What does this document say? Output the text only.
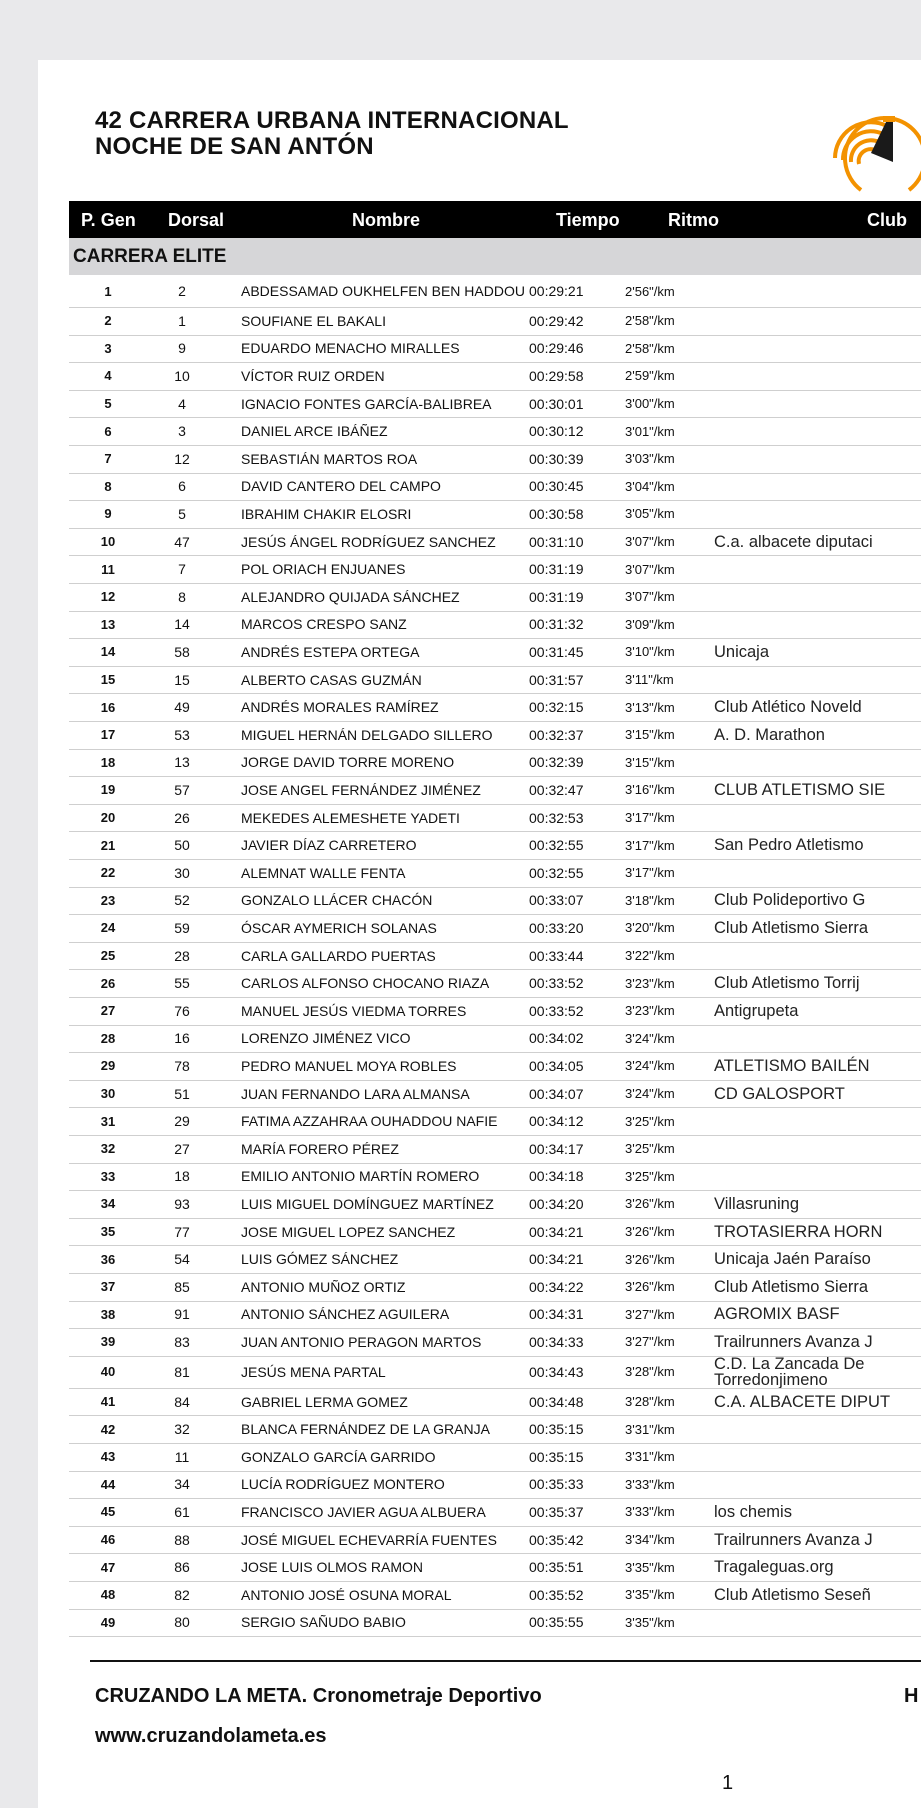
42 CARRERA URBANA INTERNACIONAL
NOCHE DE SAN ANTÓN
P. Gen Dorsal	Nombre	Tiempo	Ritmo	Club
CARRERA ELITE
1	2	ABDESSAMAD OUKHELFEN BEN HADDOU 00:29:21	2'56"/km
2	1	SOUFIANE EL BAKALI	00:29:42	2'58"/km
3	9	EDUARDO MENACHO MIRALLES	00:29:46	2'58"/km
4	10	VÍCTOR RUIZ ORDEN	00:29:58	2'59"/km
5	4	IGNACIO FONTES GARCÍA-BALIBREA	00:30:01	3'00"/km
6	3	DANIEL ARCE IBÁÑEZ	00:30:12	3'01"/km
7	12	SEBASTIÁN MARTOS ROA	00:30:39	3'03"/km
8	6	DAVID CANTERO DEL CAMPO	00:30:45	3'04"/km
9	5	IBRAHIM CHAKIR ELOSRI	00:30:58	3'05"/km
10	47	JESÚS ÁNGEL RODRÍGUEZ SANCHEZ	00:31:10	3'07"/km	C.a. albacete diputaci
11	7	POL ORIACH ENJUANES	00:31:19	3'07"/km
12	8	ALEJANDRO QUIJADA SÁNCHEZ	00:31:19	3'07"/km
13	14	MARCOS CRESPO SANZ	00:31:32	3'09"/km
14	58	ANDRÉS ESTEPA ORTEGA	00:31:45	3'10"/km	Unicaja
15	15	ALBERTO CASAS GUZMÁN	00:31:57	3'11"/km
16	49	ANDRÉS MORALES RAMÍREZ	00:32:15	3'13"/km	Club Atlético Noveld
17	53	MIGUEL HERNÁN DELGADO SILLERO	00:32:37	3'15"/km	A. D. Marathon
18	13	JORGE DAVID TORRE MORENO	00:32:39	3'15"/km
19	57	JOSE ANGEL FERNÁNDEZ JIMÉNEZ	00:32:47	3'16"/km	CLUB ATLETISMO SIE
20	26	MEKEDES ALEMESHETE YADETI	00:32:53	3'17"/km
21	50	JAVIER DÍAZ CARRETERO	00:32:55	3'17"/km	San Pedro Atletismo
22	30	ALEMNAT WALLE FENTA	00:32:55	3'17"/km
23	52	GONZALO LLÁCER CHACÓN	00:33:07	3'18"/km	Club Polideportivo G
24	59	ÓSCAR AYMERICH SOLANAS	00:33:20	3'20"/km	Club Atletismo Sierra
25	28	CARLA GALLARDO PUERTAS	00:33:44	3'22"/km
26	55	CARLOS ALFONSO CHOCANO RIAZA	00:33:52	3'23"/km	Club Atletismo Torrij
27	76	MANUEL JESÚS VIEDMA TORRES	00:33:52	3'23"/km	Antigrupeta
28	16	LORENZO JIMÉNEZ VICO	00:34:02	3'24"/km
29	78	PEDRO MANUEL MOYA ROBLES	00:34:05	3'24"/km	ATLETISMO BAILÉN
30	51	JUAN FERNANDO LARA ALMANSA	00:34:07	3'24"/km	CD GALOSPORT
31	29	FATIMA AZZAHRAA OUHADDOU NAFIE	00:34:12	3'25"/km
32	27	MARÍA FORERO PÉREZ	00:34:17	3'25"/km
33	18	EMILIO ANTONIO MARTÍN ROMERO	00:34:18	3'25"/km
34	93	LUIS MIGUEL DOMÍNGUEZ MARTÍNEZ	00:34:20	3'26"/km	Villasruning
35	77	JOSE MIGUEL LOPEZ SANCHEZ	00:34:21	3'26"/km	TROTASIERRA HORN
36	54	LUIS GÓMEZ SÁNCHEZ	00:34:21	3'26"/km	Unicaja Jaén Paraíso
37	85	ANTONIO MUÑOZ ORTIZ	00:34:22	3'26"/km	Club Atletismo Sierra
38	91	ANTONIO SÁNCHEZ AGUILERA	00:34:31	3'27"/km	AGROMIX BASF
39	83	JUAN ANTONIO PERAGON MARTOS	00:34:33	3'27"/km	Trailrunners Avanza J
40	81	JESÚS MENA PARTAL	00:34:43	3'28"/km	C.D. La Zancada De Torredonjimeno
41	84	GABRIEL LERMA GOMEZ	00:34:48	3'28"/km	C.A. ALBACETE DIPUT
42	32	BLANCA FERNÁNDEZ DE LA GRANJA	00:35:15	3'31"/km
43	11	GONZALO GARCÍA GARRIDO	00:35:15	3'31"/km
44	34	LUCÍA RODRÍGUEZ MONTERO	00:35:33	3'33"/km
45	61	FRANCISCO JAVIER AGUA ALBUERA	00:35:37	3'33"/km	los chemis
46	88	JOSÉ MIGUEL ECHEVARRÍA FUENTES	00:35:42	3'34"/km	Trailrunners Avanza J
47	86	JOSE LUIS OLMOS RAMON	00:35:51	3'35"/km	Tragaleguas.org
48	82	ANTONIO JOSÉ OSUNA MORAL	00:35:52	3'35"/km	Club Atletismo Seseñ
49	80	SERGIO SAÑUDO BABIO	00:35:55	3'35"/km
CRUZANDO LA META. Cronometraje Deportivo	H
www.cruzandolameta.es
1
